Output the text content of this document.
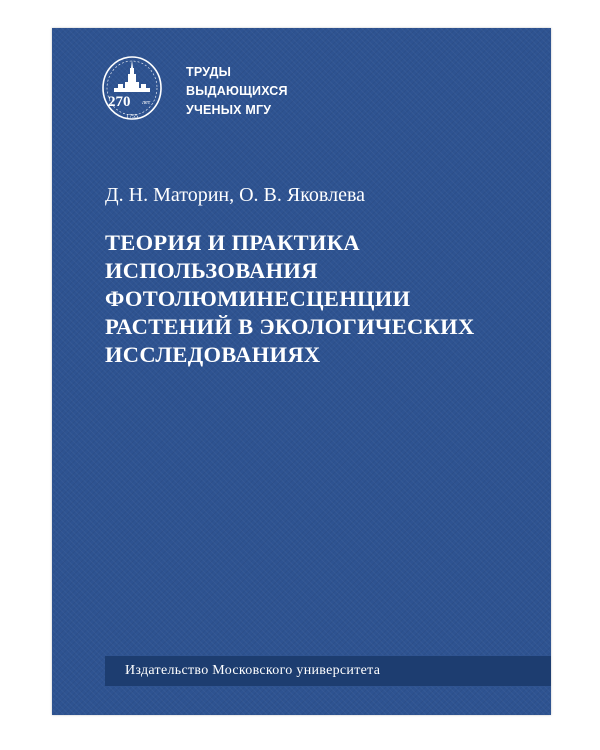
270 лет
1755
ТРУДЫ
ВЫДАЮЩИХСЯ
УЧЕНЫХ МГУ
Д. Н. Маторин, О. В. Яковлева
ТЕОРИЯ И ПРАКТИКА
ИСПОЛЬЗОВАНИЯ
ФОТОЛЮМИНЕСЦЕНЦИИ
РАСТЕНИЙ В ЭКОЛОГИЧЕСКИХ
ИССЛЕДОВАНИЯХ
Издательство Московского университета
